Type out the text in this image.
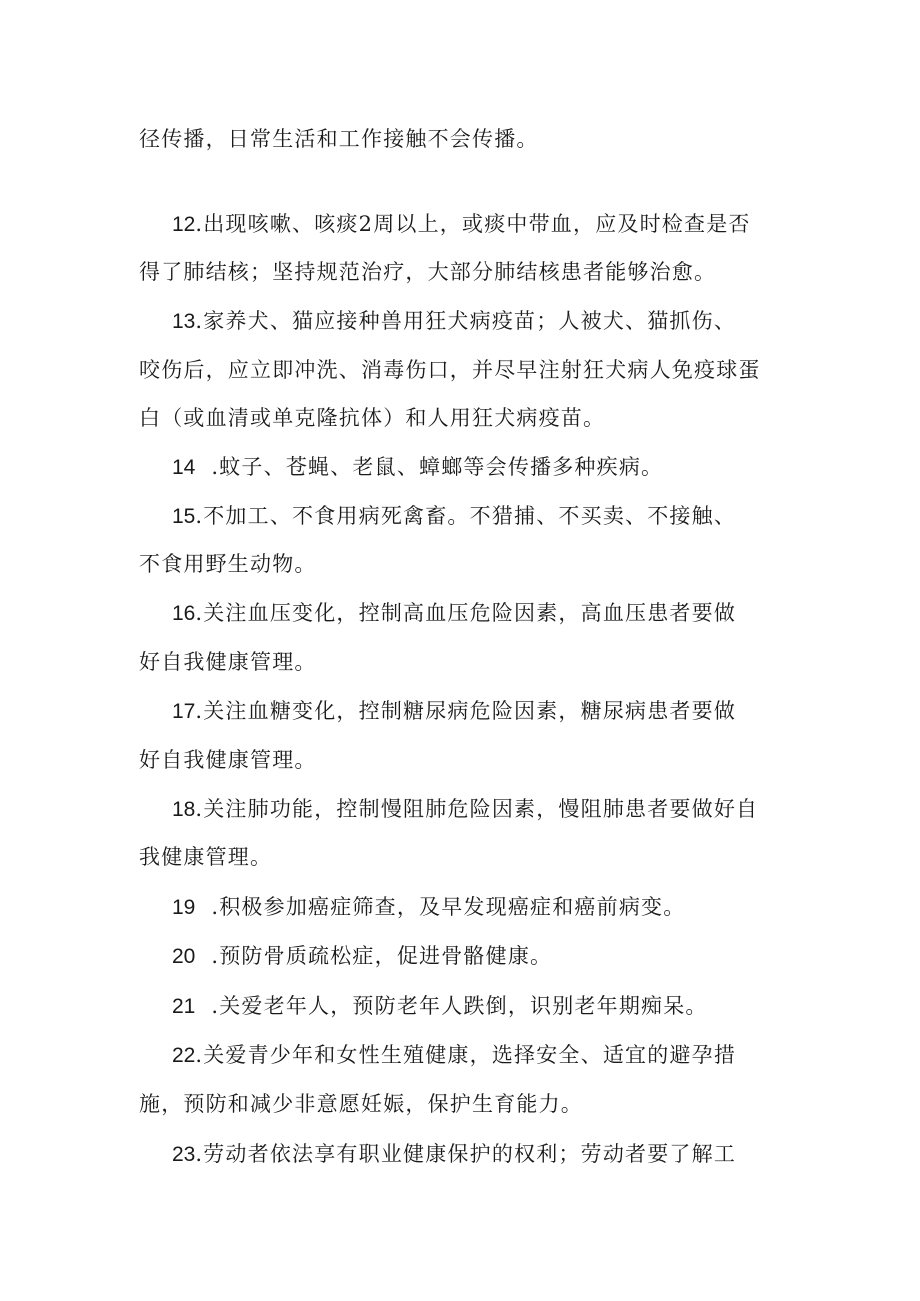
径传播，日常生活和工作接触不会传播。
12.出现咳嗽、咳痰2周以上，或痰中带血，应及时检查是否
得了肺结核；坚持规范治疗，大部分肺结核患者能够治愈。
13.家养犬、猫应接种兽用狂犬病疫苗；人被犬、猫抓伤、
咬伤后，应立即冲洗、消毒伤口，并尽早注射狂犬病人免疫球蛋
白（或血清或单克隆抗体）和人用狂犬病疫苗。
14 .蚊子、苍蝇、老鼠、蟑螂等会传播多种疾病。
15.不加工、不食用病死禽畜。不猎捕、不买卖、不接触、
不食用野生动物。
16.关注血压变化，控制高血压危险因素，高血压患者要做
好自我健康管理。
17.关注血糖变化，控制糖尿病危险因素，糖尿病患者要做
好自我健康管理。
18.关注肺功能，控制慢阻肺危险因素，慢阻肺患者要做好自
我健康管理。
19 .积极参加癌症筛查，及早发现癌症和癌前病变。
20 .预防骨质疏松症，促进骨骼健康。
21 .关爱老年人，预防老年人跌倒，识别老年期痴呆。
22.关爱青少年和女性生殖健康，选择安全、适宜的避孕措
施，预防和减少非意愿妊娠，保护生育能力。
23.劳动者依法享有职业健康保护的权利；劳动者要了解工
